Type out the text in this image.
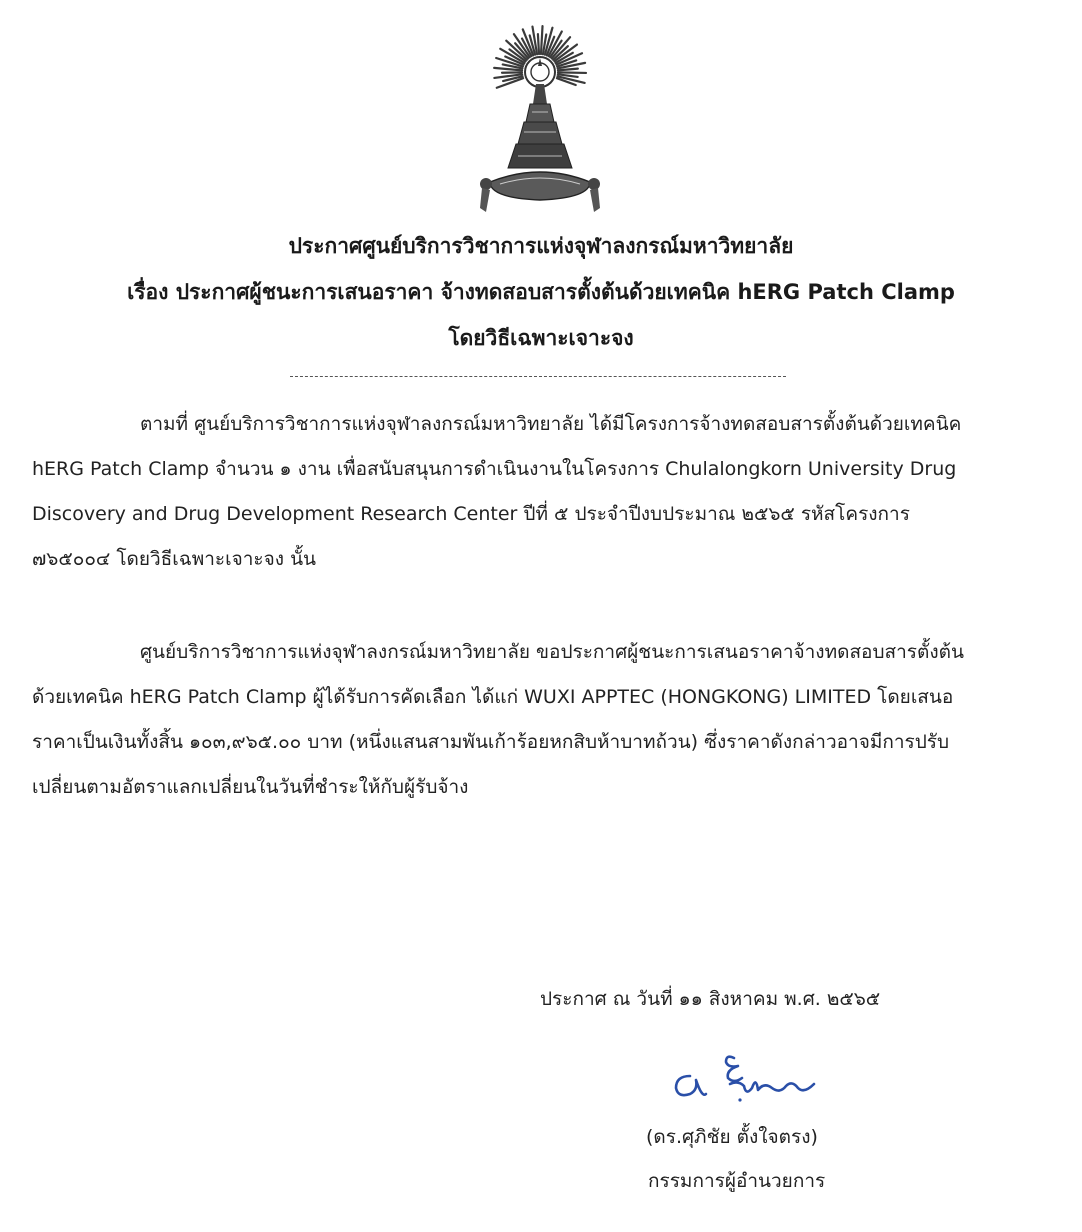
ประกาศศูนย์บริการวิชาการแห่งจุฬาลงกรณ์มหาวิทยาลัย
เรื่อง ประกาศผู้ชนะการเสนอราคา จ้างทดสอบสารตั้งต้นด้วยเทคนิค hERG Patch Clamp
โดยวิธีเฉพาะเจาะจง
ตามที่ ศูนย์บริการวิชาการแห่งจุฬาลงกรณ์มหาวิทยาลัย ได้มีโครงการจ้างทดสอบสารตั้งต้นด้วยเทคนิค
hERG Patch Clamp จำนวน ๑ งาน เพื่อสนับสนุนการดำเนินงานในโครงการ Chulalongkorn University Drug
Discovery and Drug Development Research Center ปีที่ ๕ ประจำปีงบประมาณ ๒๕๖๕ รหัสโครงการ
๗๖๕๐๐๔ โดยวิธีเฉพาะเจาะจง นั้น
ศูนย์บริการวิชาการแห่งจุฬาลงกรณ์มหาวิทยาลัย ขอประกาศผู้ชนะการเสนอราคาจ้างทดสอบสารตั้งต้น
ด้วยเทคนิค hERG Patch Clamp ผู้ได้รับการคัดเลือก ได้แก่ WUXI APPTEC (HONGKONG) LIMITED โดยเสนอ
ราคาเป็นเงินทั้งสิ้น ๑๐๓,๙๖๕.๐๐ บาท (หนึ่งแสนสามพันเก้าร้อยหกสิบห้าบาทถ้วน) ซึ่งราคาดังกล่าวอาจมีการปรับ
เปลี่ยนตามอัตราแลกเปลี่ยนในวันที่ชำระให้กับผู้รับจ้าง
ประกาศ ณ วันที่ ๑๑ สิงหาคม พ.ศ. ๒๕๖๕
(ดร.ศุภิชัย ตั้งใจตรง)
กรรมการผู้อำนวยการ
